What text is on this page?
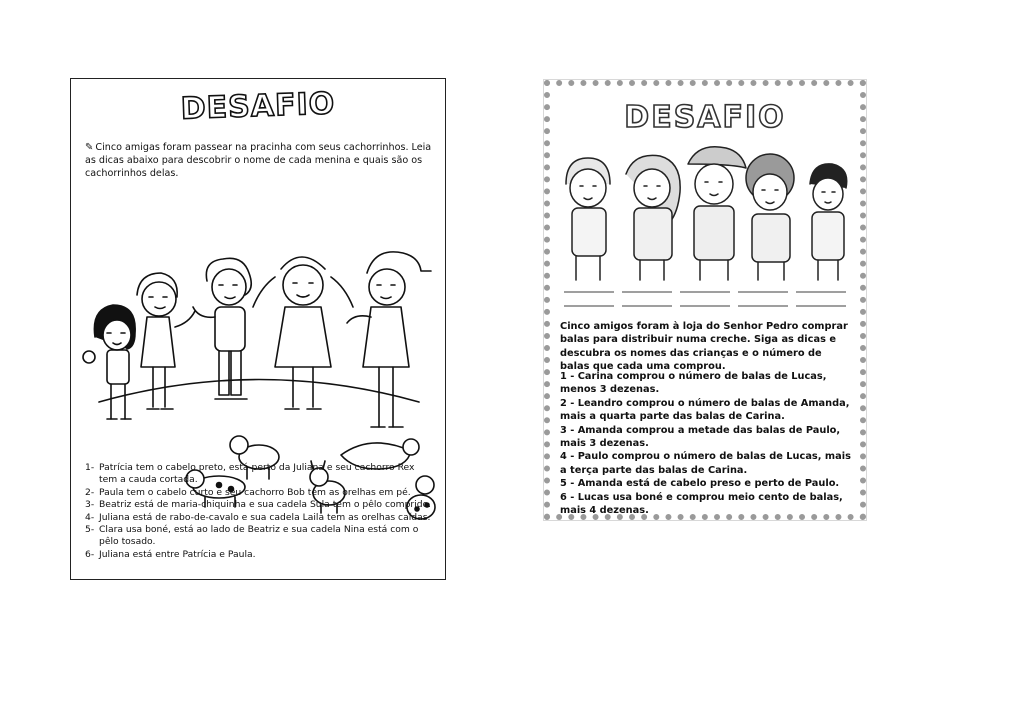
DESAFIO
✎ Cinco amigas foram passear na pracinha com seus cachorrinhos. Leia as dicas abaixo para descobrir o nome de cada menina e quais são os cachorrinhos delas.
1- Patrícia tem o cabelo preto, está perto da Juliana e seu cachorro Rex tem a cauda cortada.
2- Paula tem o cabelo curto e seu cachorro Bob tem as orelhas em pé.
3- Beatriz está de maria-chiquinha e sua cadela Sula tem o pêlo comprido.
4- Juliana está de rabo-de-cavalo e sua cadela Laila tem as orelhas caídas.
5- Clara usa boné, está ao lado de Beatriz e sua cadela Nina está com o pêlo tosado.
6- Juliana está entre Patrícia e Paula.
DESAFIO
Cinco amigos foram à loja do Senhor Pedro comprar balas para distribuir numa creche. Siga as dicas e descubra os nomes das crianças e o número de balas que cada uma comprou.
1 - Carina comprou o número de balas de Lucas, menos 3 dezenas.
2 - Leandro comprou o número de balas de Amanda, mais a quarta parte das balas de Carina.
3 - Amanda comprou a metade das balas de Paulo, mais 3 dezenas.
4 - Paulo comprou o número de balas de Lucas, mais a terça parte das balas de Carina.
5 - Amanda está de cabelo preso e perto de Paulo.
6 - Lucas usa boné e comprou meio cento de balas, mais 4 dezenas.
